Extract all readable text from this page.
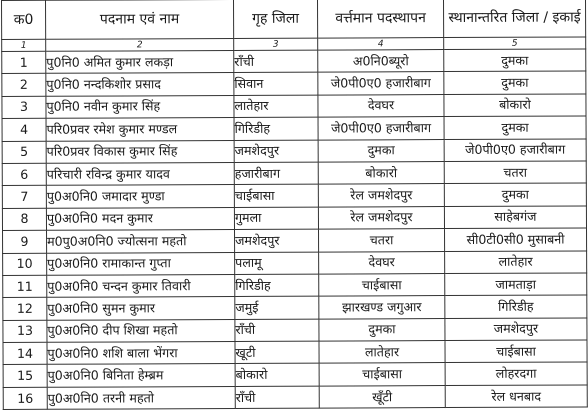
क0	पदनाम एवं नाम	गृह जिला	वर्त्तमान पदस्थापन	स्थानान्तरित जिला / इकाई
1	2	3	4	5
1	पु0नि0 अमित कुमार लकड़ा	राँची	अ0नि0ब्यूरो	दुमका
2	पु0नि0 नन्दकिशोर प्रसाद	सिवान	जे0पी0ए0 हजारीबाग	दुमका
3	पु0नि0 नवीन कुमार सिंह	लातेहार	देवघर	बोकारो
4	परि0प्रवर रमेश कुमार मण्डल	गिरिडीह	जे0पी0ए0 हजारीबाग	दुमका
5	परि0प्रवर विकास कुमार सिंह	जमशेदपुर	दुमका	जे0पी0ए0 हजारीबाग
6	परिचारी रविन्द्र कुमार यादव	हजारीबाग	बोकारो	चतरा
7	पु0अ0नि0 जमादार मुण्डा	चाईबासा	रेल जमशेदपुर	दुमका
8	पु0अ0नि0 मदन कुमार	गुमला	रेल जमशेदपुर	साहेबगंज
9	म0पु0अ0नि0 ज्योत्सना महतो	जमशेदपुर	चतरा	सी0टी0सी0 मुसाबनी
10	पु0अ0नि0 रामाकान्त गुप्ता	पलामू	देवघर	लातेहार
11	पु0अ0नि0 चन्दन कुमार तिवारी	गिरिडीह	चाईबासा	जामताड़ा
12	पु0अ0नि0 सुमन कुमार	जमुई	झारखण्ड जगुआर	गिरिडीह
13	पु0अ0नि0 दीप शिखा महतो	राँची	दुमका	जमशेदपुर
14	पु0अ0नि0 शशि बाला भेंगरा	खूटी	लातेहार	चाईबासा
15	पु0अ0नि0 बिनिता हेम्ब्रम	बोकारो	चाईबासा	लोहरदगा
16	पु0अ0नि0 तरनी महतो	राँची	खूँटी	रेल धनबाद
